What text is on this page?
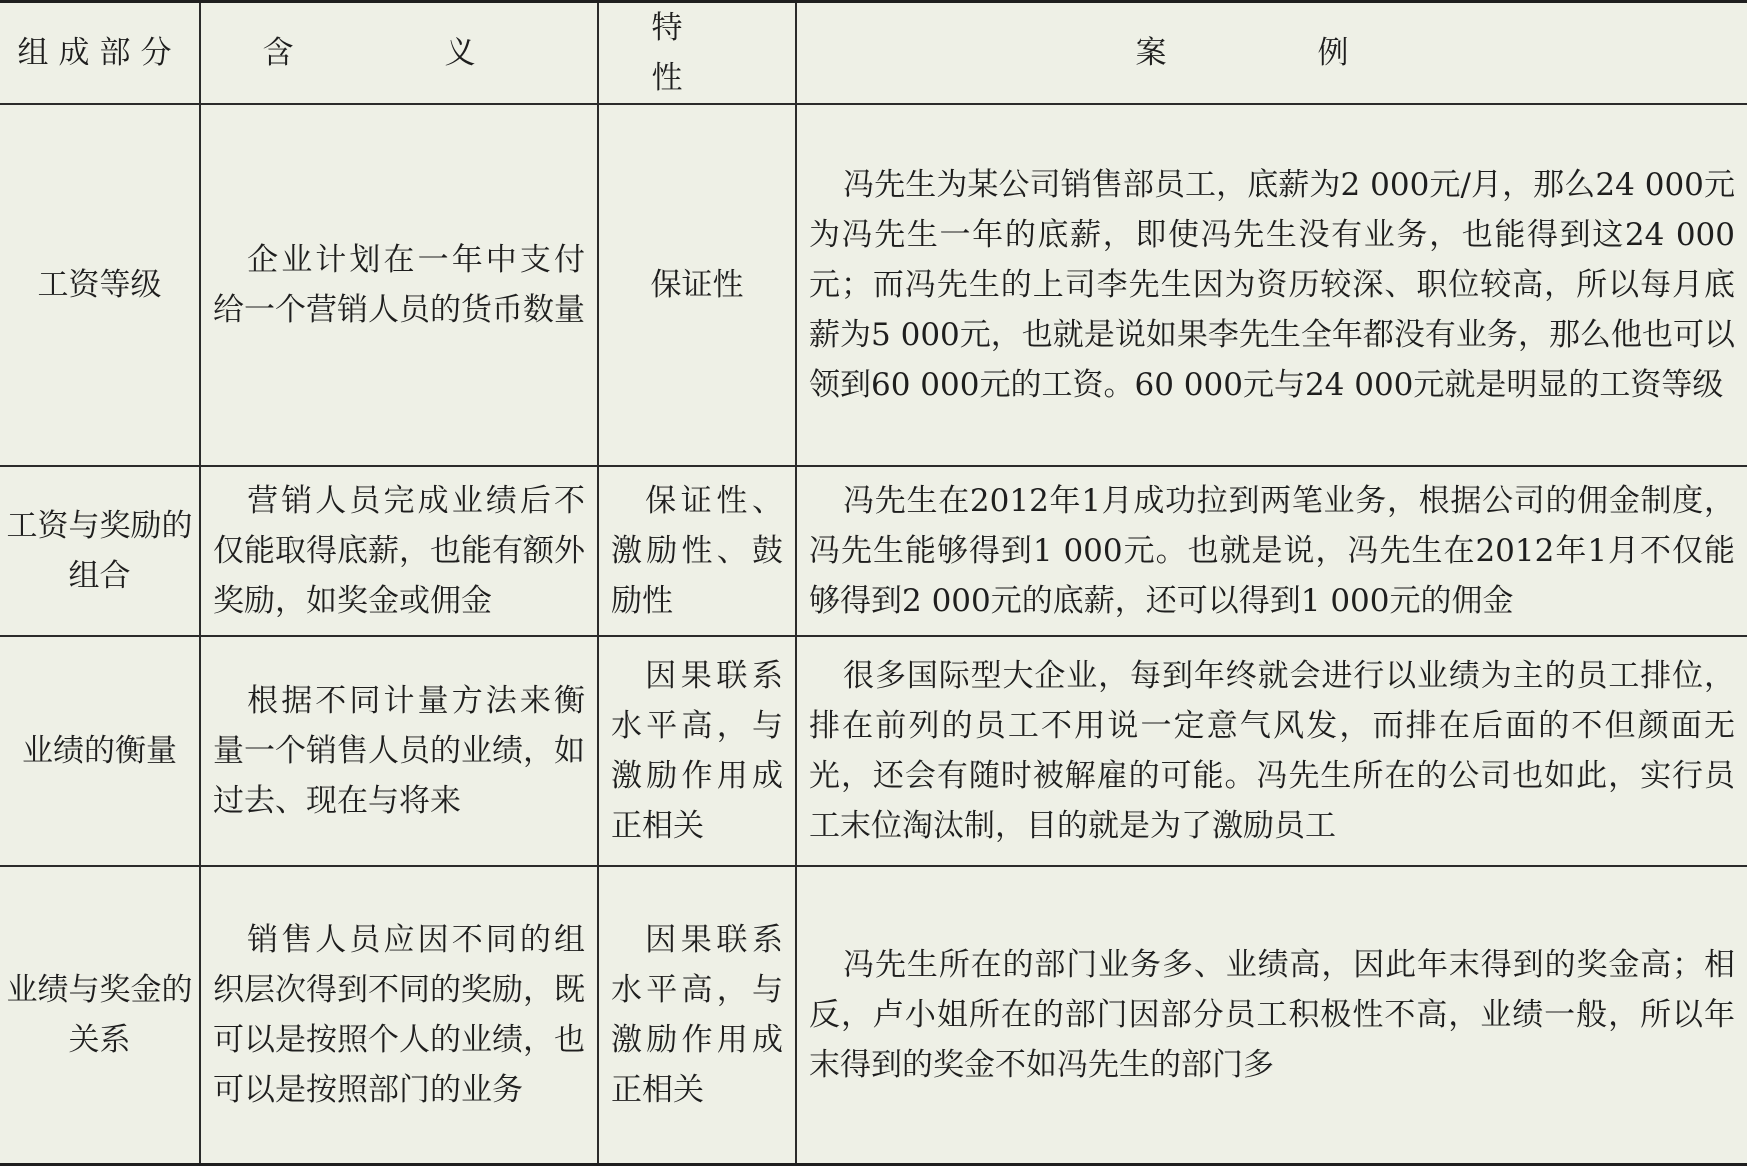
组成部分	含　义	特　性	案　例
工资等级	企业计划在一年中支付给一个营销人员的货币数量	保证性	冯先生为某公司销售部员工，底薪为2 000元/月，那么24 000元为冯先生一年的底薪，即使冯先生没有业务，也能得到这24 000元；而冯先生的上司李先生因为资历较深、职位较高，所以每月底薪为5 000元，也就是说如果李先生全年都没有业务，那么他也可以领到60 000元的工资。60 000元与24 000元就是明显的工资等级

工资与奖励的组合	营销人员完成业绩后不仅能取得底薪，也能有额外奖励，如奖金或佣金	保证性、激励性、鼓励性	冯先生在2012年1月成功拉到两笔业务，根据公司的佣金制度，冯先生能够得到1 000元。也就是说，冯先生在2012年1月不仅能够得到2 000元的底薪，还可以得到1 000元的佣金

业绩的衡量	根据不同计量方法来衡量一个销售人员的业绩，如过去、现在与将来	因果联系水平高，与激励作用成正相关	很多国际型大企业，每到年终就会进行以业绩为主的员工排位，排在前列的员工不用说一定意气风发，而排在后面的不但颜面无光，还会有随时被解雇的可能。冯先生所在的公司也如此，实行员工末位淘汰制，目的就是为了激励员工

业绩与奖金的关系	销售人员应因不同的组织层次得到不同的奖励，既可以是按照个人的业绩，也可以是按照部门的业务	因果联系水平高，与激励作用成正相关	冯先生所在的部门业务多、业绩高，因此年末得到的奖金高；相反，卢小姐所在的部门因部分员工积极性不高，业绩一般，所以年末得到的奖金不如冯先生的部门多
